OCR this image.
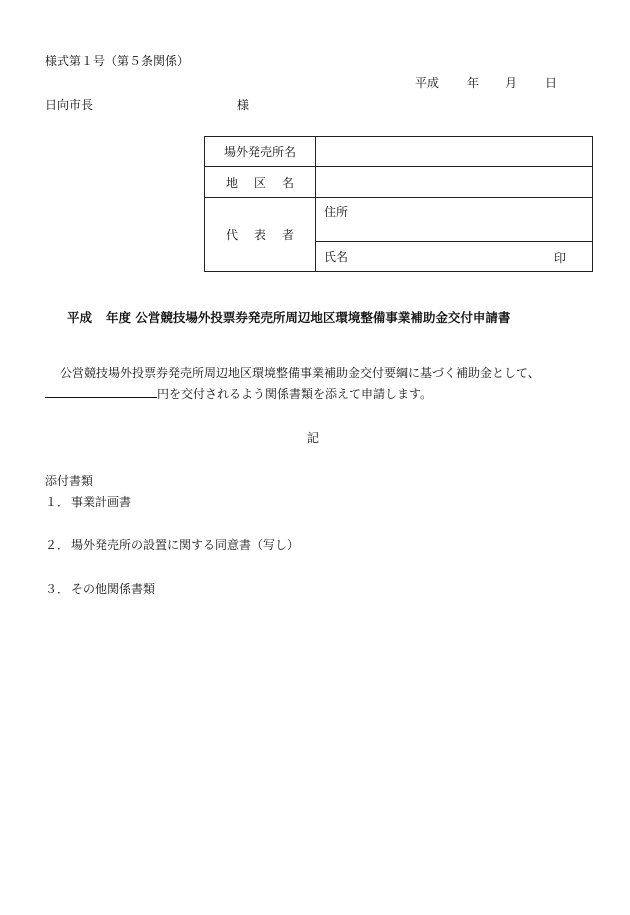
様式第１号（第５条関係）
平成 年 月 日
日向市長	様
場外発売所名	
地 区 名	
代 表 者	住所

	氏名 印
平成 年度 公営競技場外投票券発売所周辺地区環境整備事業補助金交付申請書
公営競技場外投票券発売所周辺地区環境整備事業補助金交付要綱に基づく補助金として、
円を交付されるよう関係書類を添えて申請します。
記
添付書類
１． 事業計画書
２． 場外発売所の設置に関する同意書（写し）
３． その他関係書類
